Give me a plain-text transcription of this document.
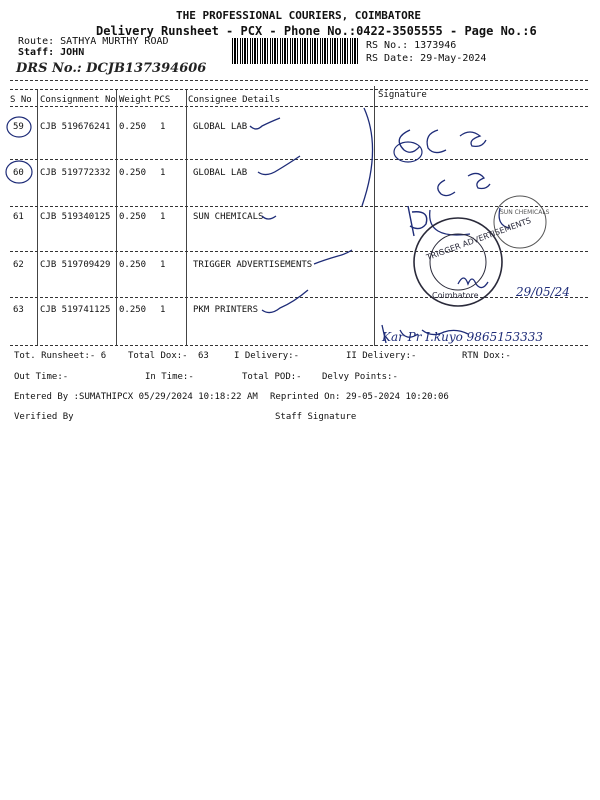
THE PROFESSIONAL COURIERS, COIMBATORE
Delivery Runsheet - PCX - Phone No.:0422-3505555 - Page No.:6
Route: SATHYA MURTHY ROAD
Staff: JOHN
DRS No.: DCJB137394606
RS No.: 1373946
RS Date: 29-May-2024
S No Consignment No Weight PCS Consignee Details	Signature
59 CJB 519676241 0.250 1	GLOBAL LAB
60 CJB 519772332 0.250 1	GLOBAL LAB
61 CJB 519340125 0.250 1	SUN CHEMICALS
62 CJB 519709429 0.250 1	TRIGGER ADVERTISEMENTS
63 CJB 519741125 0.250 1	PKM PRINTERS
Tot. Runsheet:- 6 Total Dox:- 63	I Delivery:-	II Delivery:-	RTN Dox:-
Out Time:-	In Time:-	Total POD:- Delvy Points:-
Entered By :SUMATHIPCX 05/29/2024 10:18:22 AM Reprinted On: 29-05-2024 10:20:06
Verified By	Staff Signature
TRIGGER ADVERTISEMENTS
Coimbatore
SUN CHEMICALS
Kar Pr I.kuyo 9865153333
29/05/24
